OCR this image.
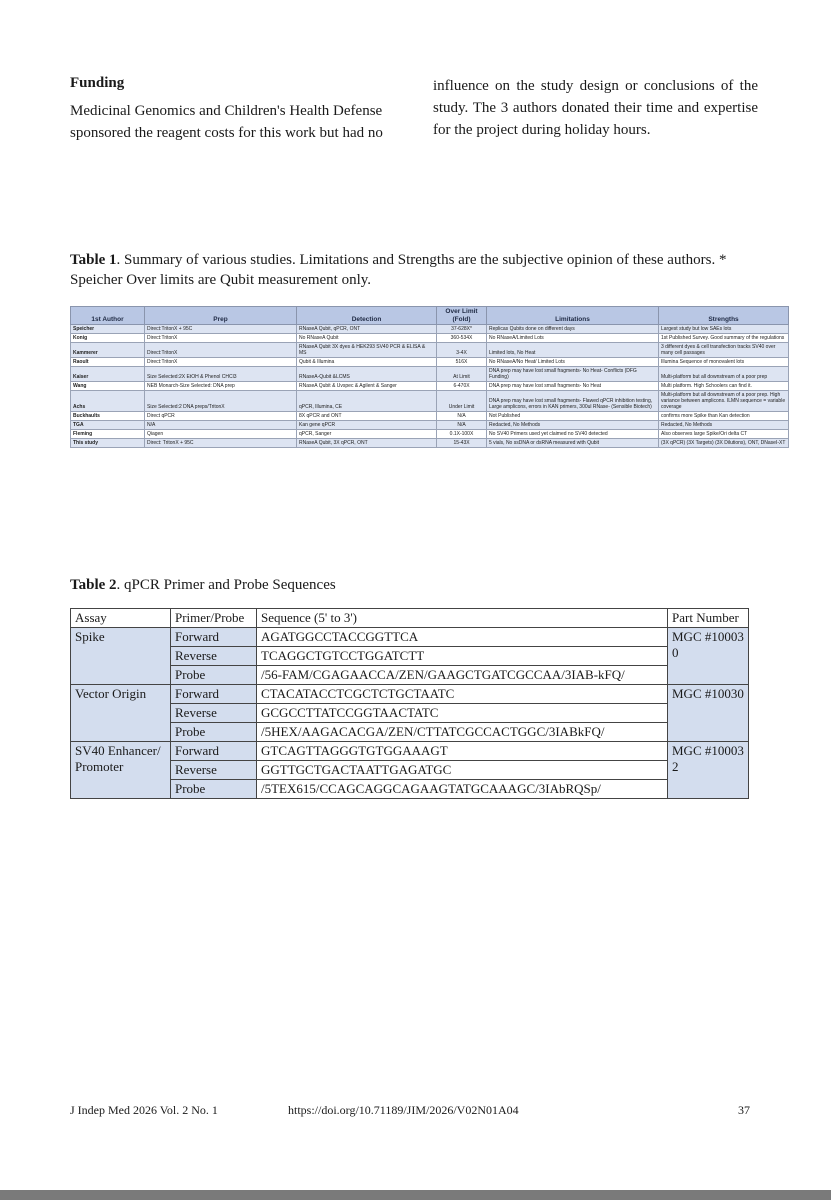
Funding
Medicinal Genomics and Children's Health Defense sponsored the reagent costs for this work but had no
influence on the study design or conclusions of the study. The 3 authors donated their time and expertise for the project during holiday hours.
Table 1. Summary of various studies. Limitations and Strengths are the subjective opinion of these authors. * Speicher Over limits are Qubit measurement only.
1st Author	Prep	Detection	Over Limit (Fold)	Limitations	Strengths
Speicher	Direct:TritonX + 95C	RNaseA Qubit, qPCR, ONT	37-628X*	Replicas Qubits done on different days	Largest study but low SAEs lots
Konig	Direct:TritonX	No RNaseA Qubit	360-534X	No RNaseA/Limited Lots	1st Published Survey. Good summary of the regulations
Kammerer	Direct:TritonX	RNaseA Qubit 3X dyes & HEK293 SV40 PCR & ELISA & MS	3-4X	Limited lots, No Heat	3 different dyes & cell transfection tracks SV40 over many cell passages
Raoult	Direct:TritonX	Qubit & Illumina	516X	No RNaseA/No Heat/ Limited Lots	Illumina Sequence of monovalent lots
Kaiser	Size Selected:2X EtOH & Phenol CHCl3	RNaseA-Qubit &LCMS	At Limit	DNA prep may have lost small fragments- No Heat- Conflicts (DFG Funding)	Multi-platform but all downstream of a poor prep
Wang	NEB Monarch-Size Selected: DNA prep	RNaseA Qubit & Uvspec & Agilent & Sanger	6-470X	DNA prep may have lost small fragments- No Heat	Multi platform. High Schoolers can find it.
Achs	Size Selected:2 DNA preps/TritonX	qPCR, Illumina, CE	Under Limit	DNA prep may have lost small fragments- Flawed qPCR inhibition testing, Large amplicons, errors in KAN primers, 300ul RNase- (Sensible Biotech)	Multi-platform but all downstream of a poor prep. High variance between amplicons. ILMN sequence = variable coverage
Buckhaults	Direct qPCR	8X qPCR and ONT	N/A	Not Published	confirms more Spike than Kan detection
TGA	N/A	Kan gene qPCR	N/A	Redacted, No Methods	Redacted, No Methods
Fleming	Qiagen	qPCR, Sanger	0.1X-100X	No SV40 Primers used yet claimed no SV40 detected	Also observes large Spike/Ori delta CT
This study	Direct: TritonX + 95C	RNaseA Qubit, 3X qPCR, ONT	15-43X	5 vials, No ssDNA or dsRNA measured with Qubit	(3X qPCR) (3X Targets) (3X Dilutions), ONT, DNaseI-XT
Table 2. qPCR Primer and Probe Sequences
Assay	Primer/Probe	Sequence (5' to 3')	Part Number
Spike	Forward	AGATGGCCTACCGGTTCA	MGC #100030
	Reverse	TCAGGCTGTCCTGGATCTT	
	Probe	/56-FAM/CGAGAACCA/ZEN/GAAGCTGATCGCCAA/3IAB-kFQ/	
Vector Origin	Forward	CTACATACCTCGCTCTGCTAATC	MGC #10030
	Reverse	GCGCCTTATCCGGTAACTATC	
	Probe	/5HEX/AAGACACGA/ZEN/CTTATCGCCACTGGC/3IABkFQ/	
SV40 Enhancer/Promoter	Forward	GTCAGTTAGGGTGTGGAAAGT	MGC #100032
	Reverse	GGTTGCTGACTAATTGAGATGC	
	Probe	/5TEX615/CCAGCAGGCAGAAGTATGCAAAGC/3IAbRQSp/	
J Indep Med 2026 Vol. 2 No. 1	https://doi.org/10.71189/JIM/2026/V02N01A04	37
